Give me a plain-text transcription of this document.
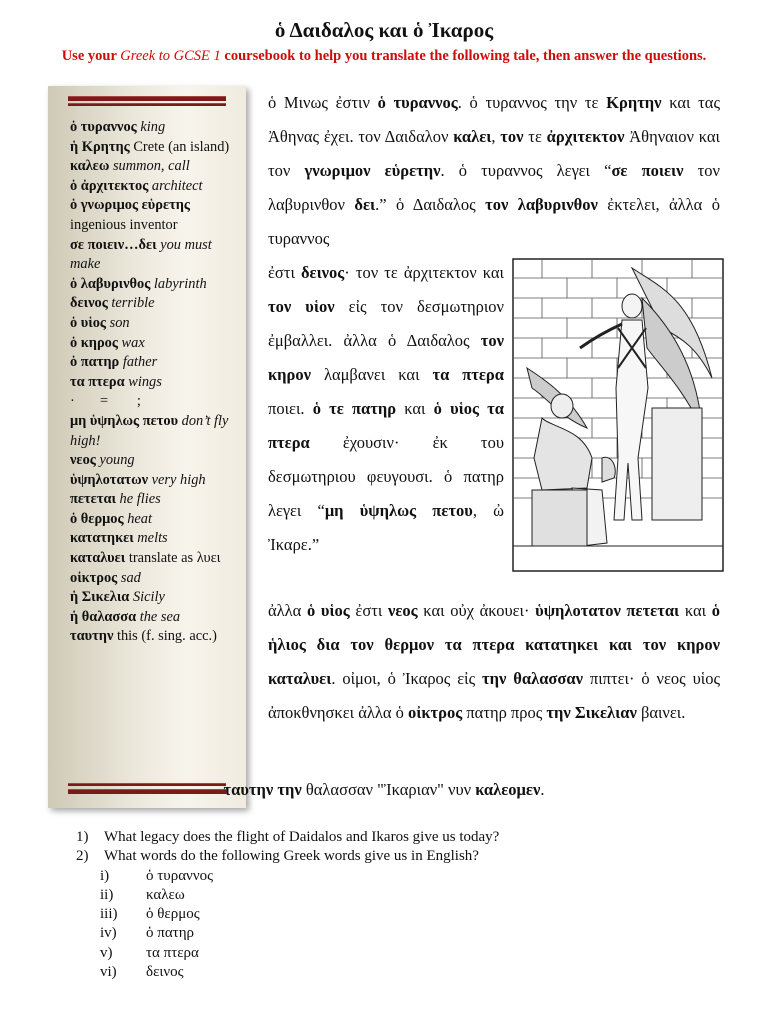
ὁ Δαιδαλος και ὁ Ἰκαρος
Use your Greek to GCSE 1 coursebook to help you translate the following tale, then answer the questions.
ὁ τυραννος king
ἡ Κρητης Crete (an island)
καλεω summon, call
ὁ ἀρχιτεκτος architect
ὁ γνωριμος εὑρετης ingenious inventor
σε ποιειν…δει you must make
ὁ λαβυρινθος labyrinth
δεινος terrible
ὁ υἱος son
ὁ κηρος wax
ὁ πατηρ father
τα πτερα wings
·       =        ;
μη ὑψηλως πετου don’t fly high!
νεος young
ὑψηλοτατων very high
πετεται he flies
ὁ θερμος heat
κατατηκει melts
καταλυει translate as λυει
οἰκτρος sad
ἡ Σικελια Sicily
ἡ θαλασσα the sea
ταυτην this (f. sing. acc.)

ὁ Μινως ἐστιν ὁ τυραννος. ὁ τυραννος την τε Κρητην και τας Ἀθηνας ἐχει. τον Δαιδαλον καλει, τον τε ἀρχιτεκτον Ἀθηναιον και τον γνωριμον εὑρετην. ὁ τυραννος λεγει “σε ποιειν τον λαβυρινθον δει.” ὁ Δαιδαλος τον λαβυρινθον ἐκτελει, ἀλλα ὁ τυραννος

ἐστι δεινος· τον τε ἀρχιτεκτον και τον υἱον εἰς τον δεσμωτηριον ἐμβαλλει. ἀλλα ὁ Δαιδαλος τον κηρον λαμβανει και τα πτερα ποιει. ὁ τε πατηρ και ὁ υἱος τα πτερα ἐχουσιν· ἐκ του δεσμωτηριου φευγουσι. ὁ πατηρ λεγει “μη ὑψηλως πετου, ὠ Ἰκαρε.”

ἀλλα ὁ υἱος ἐστι νεος και οὐχ ἀκουει· ὑψηλοτατον πετεται και ὁ ἡλιος δια τον θερμον τα πτερα κατατηκει και τον κηρον καταλυει. οἰμοι, ὁ Ἰκαρος εἰς την θαλασσαν πιπτει· ὁ νεος υἱος ἀποκθνησκει ἀλλα ὁ οἰκτρος πατηρ προς την Σικελιαν βαινει.
ταυτην την θαλασσαν "Ἰκαριαν" νυν καλεομεν.
1) What legacy does the flight of Daidalos and Ikaros give us today?
2) What words do the following Greek words give us in English?
i) ὁ τυραννος
ii) καλεω
iii) ὁ θερμος
iv) ὁ πατηρ
v) τα πτερα
vi) δεινος
